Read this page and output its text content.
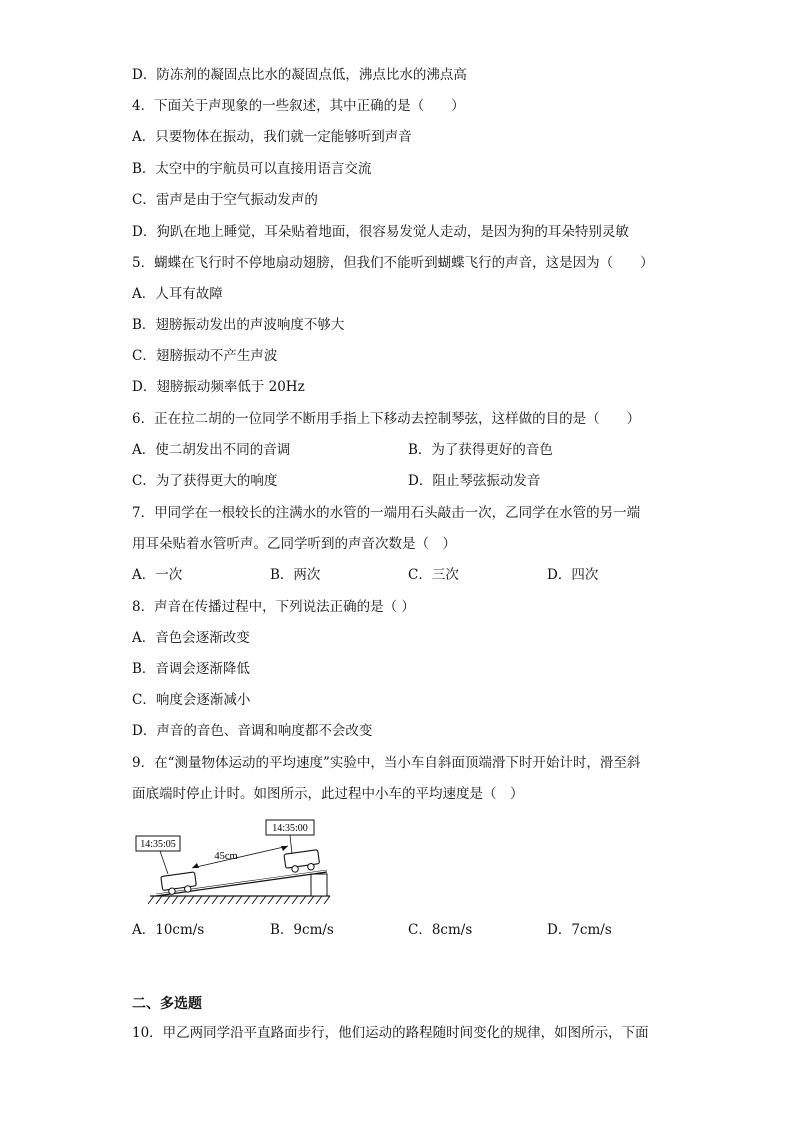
D．防冻剂的凝固点比水的凝固点低，沸点比水的沸点高
4．下面关于声现象的一些叙述，其中正确的是（　　）
A．只要物体在振动，我们就一定能够听到声音
B．太空中的宇航员可以直接用语言交流
C．雷声是由于空气振动发声的
D．狗趴在地上睡觉，耳朵贴着地面，很容易发觉人走动，是因为狗的耳朵特别灵敏
5．蝴蝶在飞行时不停地扇动翅膀，但我们不能听到蝴蝶飞行的声音，这是因为（　　）
A．人耳有故障
B．翅膀振动发出的声波响度不够大
C．翅膀振动不产生声波
D．翅膀振动频率低于 20Hz
6．正在拉二胡的一位同学不断用手指上下移动去控制琴弦，这样做的目的是（　　）
A．使二胡发出不同的音调	B．为了获得更好的音色
C．为了获得更大的响度	D．阻止琴弦振动发音
7．甲同学在一根较长的注满水的水管的一端用石头敲击一次，乙同学在水管的另一端
用耳朵贴着水管听声。乙同学听到的声音次数是（　）
A．一次	B．两次	C．三次	D．四次
8．声音在传播过程中，下列说法正确的是（ ）
A．音色会逐渐改变
B．音调会逐渐降低
C．响度会逐渐减小
D．声音的音色、音调和响度都不会改变
9．在“测量物体运动的平均速度”实验中，当小车自斜面顶端滑下时开始计时，滑至斜
面底端时停止计时。如图所示，此过程中小车的平均速度是（　）
14:35:05
14:35:00
45cm
A．10cm/s	B．9cm/s	C．8cm/s	D．7cm/s
二、多选题
10．甲乙两同学沿平直路面步行，他们运动的路程随时间变化的规律，如图所示，下面
